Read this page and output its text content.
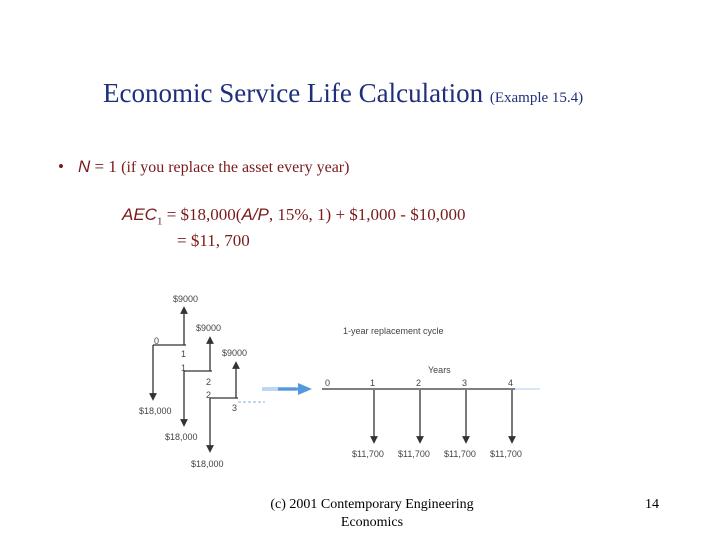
Economic Service Life Calculation (Example 15.4)
• N = 1 (if you replace the asset every year)
$AEC_1$ = $18,000(A/P, 15%, 1) + $1,000 - $10,000
= $11, 700
$9000
$9000
$9000
$18,000
$18,000
$18,000
0
1
1
2
2
3
1-year replacement cycle
Years
0	1	2	3	4
$11,700 $11,700 $11,700 $11,700
(c) 2001 Contemporary Engineering Economics
14
